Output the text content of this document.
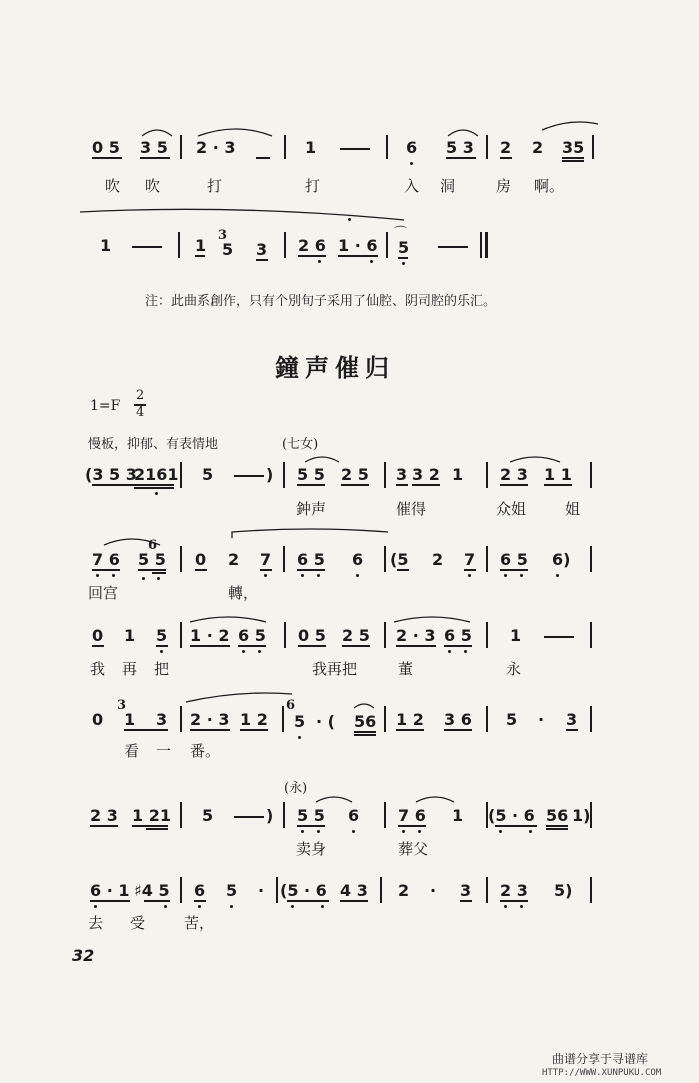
0 5 3 5 2 · 3	1	6 5 3 2 2 35
吹 吹	打	打	入 洞	房 啊。
1	1
3
5 3 2 6 1 · 6
⌒
5
注：此曲系創作，只有个別旬子采用了仙腔、阴司腔的乐汇。
鐘声催归
1=F
2
4
慢板，抑郁、有表情地	(七女)
(3 5 3
2161 5	) 5 5 2 5 3 3 2 1 2 3 1 1
鈡声	催得	众姐	姐
7 6
6
5 5 0 2 7 6 5 6 (5 2 7 6 5 6)
回宫	轉，
0 1 5 1 · 2 6 5 0 5 2 5 2 · 3 6 5 1
我 再 把	我再把	董	永
0
3
1 3 2 · 3 1 2
6
5 · ( 56 1 2 3 6 5 · 3
看 一 番。
(永)
2 3 1 21 5	) 5 5 6 7 6 1 (5 · 6 56 1)
卖身	葬父
6 · 1 ♯4 5 6 5 · (5 · 6 4 3 2 · 3 2 3 5)
去 受	苦，
32
曲谱分享于寻谱库
HTTP://WWW.XUNPUKU.COM
